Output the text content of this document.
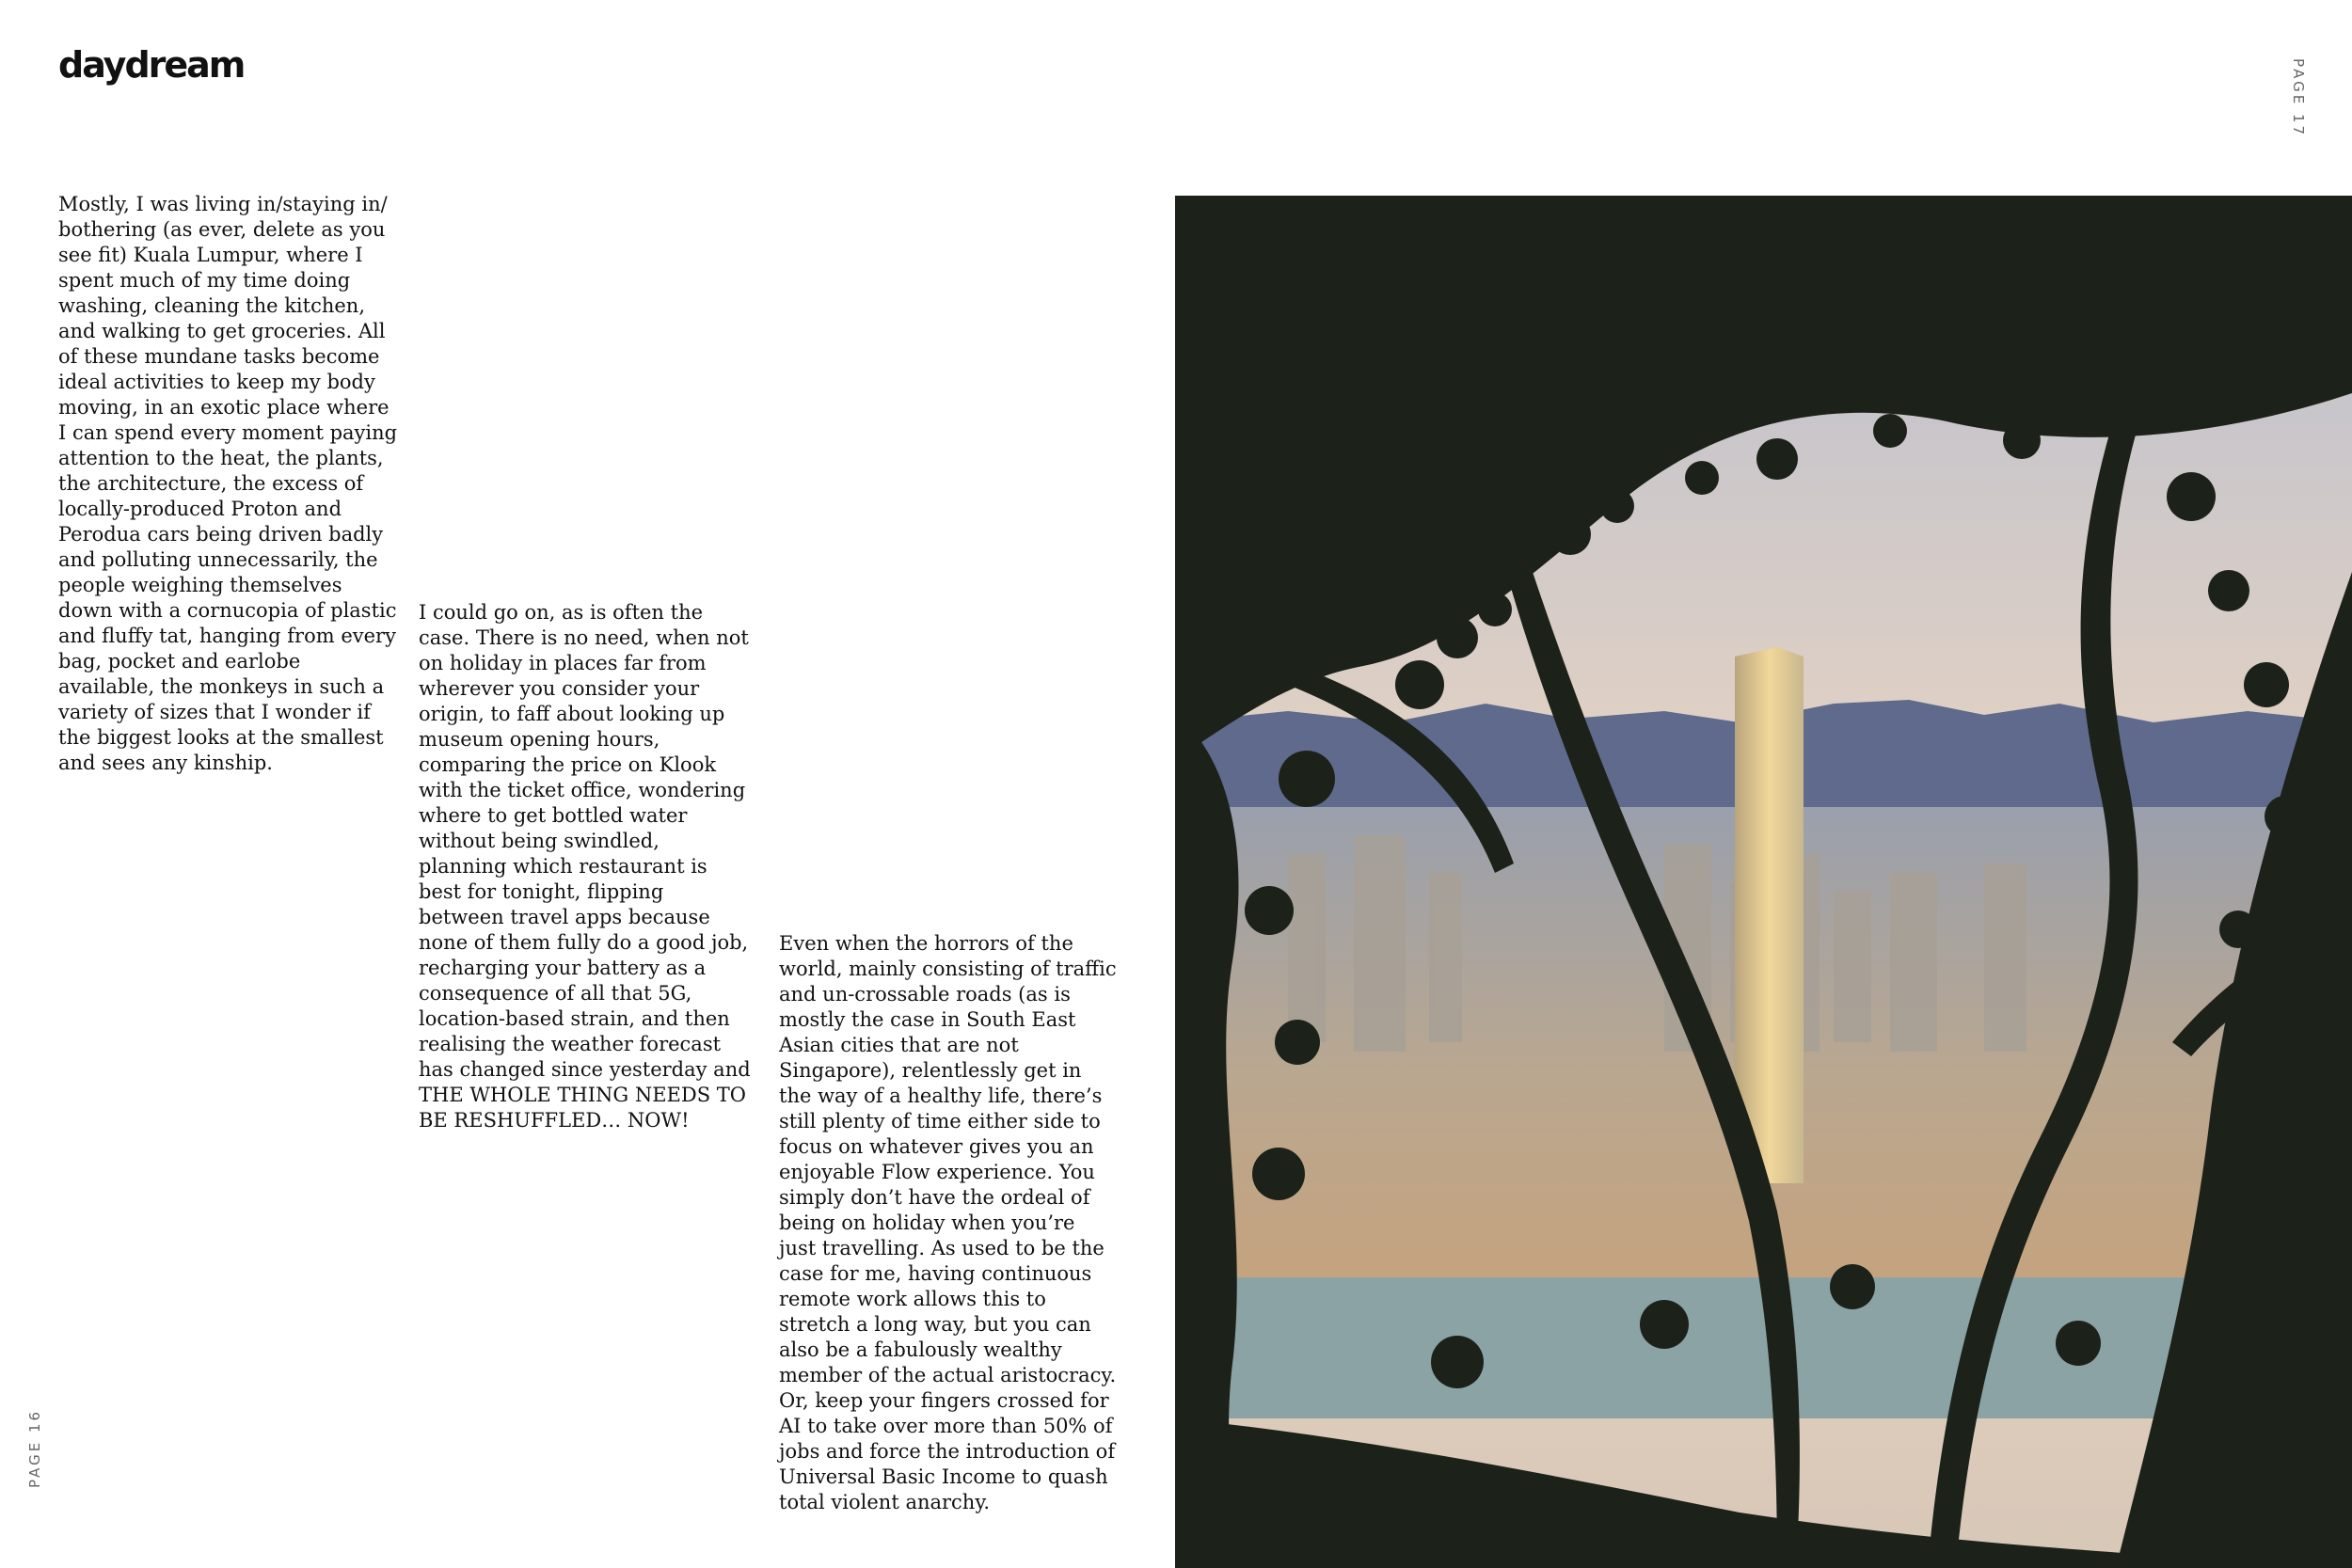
daydream	PAGE 17
PAGE 16

Mostly, I was living in/staying in/ bothering (as ever, delete as you see fit) Kuala Lumpur, where I spent much of my time doing washing, cleaning the kitchen, and walking to get groceries. All of these mundane tasks become ideal activities to keep my body moving, in an exotic place where I can spend every moment paying attention to the heat, the plants, the architecture, the excess of locally-produced Proton and Perodua cars being driven badly and polluting unnecessarily, the people weighing themselves down with a cornucopia of plastic and fluffy tat, hanging from every bag, pocket and earlobe available, the monkeys in such a variety of sizes that I wonder if the biggest looks at the smallest and sees any kinship.

I could go on, as is often the case. There is no need, when not on holiday in places far from wherever you consider your origin, to faff about looking up museum opening hours, comparing the price on Klook with the ticket office, wondering where to get bottled water without being swindled, planning which restaurant is best for tonight, flipping between travel apps because none of them fully do a good job, recharging your battery as a consequence of all that 5G, location-based strain, and then realising the weather forecast has changed since yesterday and THE WHOLE THING NEEDS TO BE RESHUFFLED… NOW!

Even when the horrors of the world, mainly consisting of traffic and un-crossable roads (as is mostly the case in South East Asian cities that are not Singapore), relentlessly get in the way of a healthy life, there’s still plenty of time either side to focus on whatever gives you an enjoyable Flow experience. You simply don’t have the ordeal of being on holiday when you’re just travelling. As used to be the case for me, having continuous remote work allows this to stretch a long way, but you can also be a fabulously wealthy member of the actual aristocracy. Or, keep your fingers crossed for AI to take over more than 50% of jobs and force the introduction of Universal Basic Income to quash total violent anarchy.
